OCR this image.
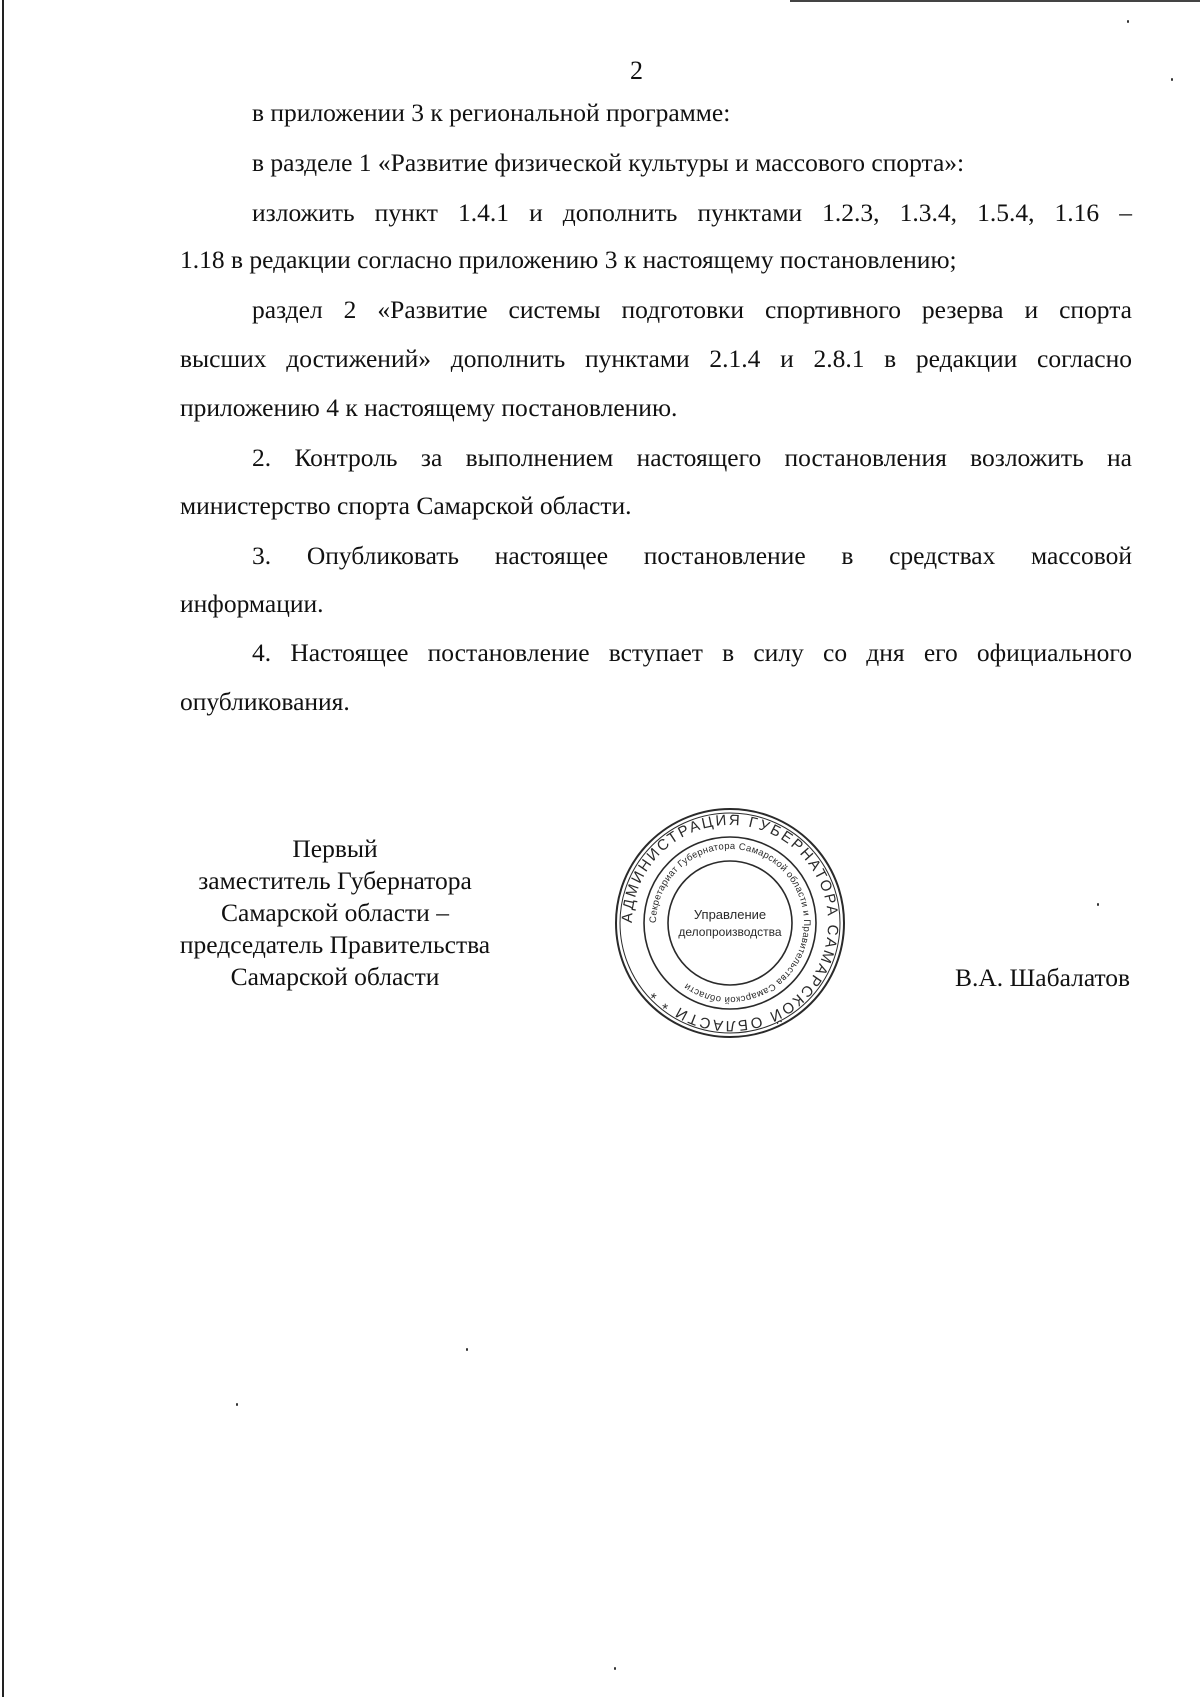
2
в приложении 3 к региональной программе:
в разделе 1 «Развитие физической культуры и массового спорта»:
изложить пункт 1.4.1 и дополнить пунктами 1.2.3, 1.3.4, 1.5.4, 1.16 –
1.18 в редакции согласно приложению 3 к настоящему постановлению;
раздел 2 «Развитие системы подготовки спортивного резерва и спорта
высших достижений» дополнить пунктами 2.1.4 и 2.8.1 в редакции согласно
приложению 4 к настоящему постановлению.
2. Контроль за выполнением настоящего постановления возложить на
министерство спорта Самарской области.
3. Опубликовать настоящее постановление в средствах массовой
информации.
4. Настоящее постановление вступает в силу со дня его официального
опубликования.
Первый
заместитель Губернатора
Самарской области –
председатель Правительства
Самарской области
АДМИНИСТРАЦИЯ ГУБЕРНАТОРА САМАРСКОЙ ОБЛАСТИ * *
Секретариат Губернатора Самарской области и Правительства Самарской области
Управление
делопроизводства
В.А. Шабалатов
